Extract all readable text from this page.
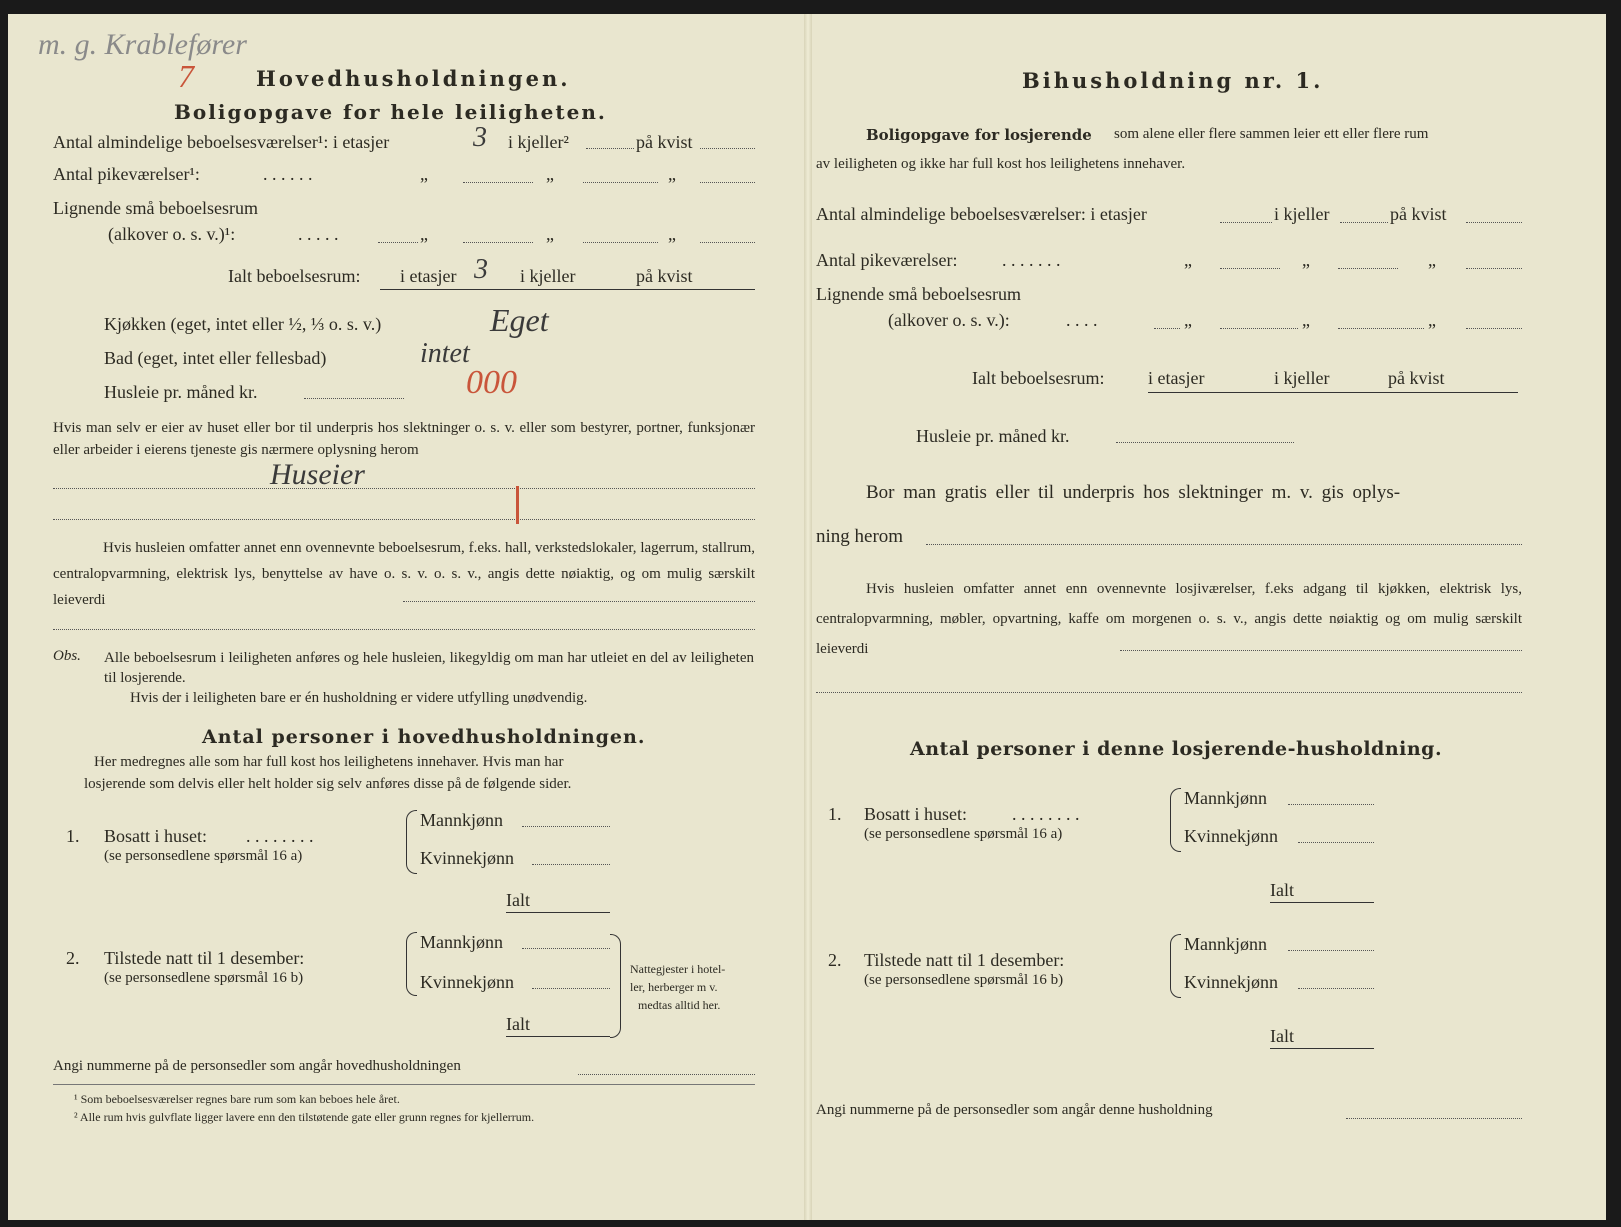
m. g. Krablefører
7	Hovedhusholdningen.
Boligopgave for hele leiligheten.
Antal almindelige beboelsesværelser¹: i etasjer	3 i kjeller²	på kvist
Antal pikeværelser¹:	. . . . . .	„	„	„
Lignende små beboelsesrum
(alkover o. s. v.)¹:	. . . . .	„	„	„
Ialt beboelsesrum: i etasjer 3 i kjeller	på kvist
Kjøkken (eget, intet eller ½, ⅓ o. s. v.)	Eget
Bad (eget, intet eller fellesbad)	intet
Husleie pr. måned kr.	000
Hvis man selv er eier av huset eller bor til underpris hos slektninger o. s. v. eller som bestyrer, portner, funksjonær eller arbeider i eierens tjeneste gis nærmere oplysning herom
Huseier
Hvis husleien omfatter annet enn ovennevnte beboelsesrum, f.eks. hall, verkstedslokaler, lagerrum, stallrum, centralopvarmning, elektrisk lys, benyttelse av have o. s. v. o. s. v., angis dette nøiaktig, og om mulig særskilt leieverdi
Obs. Alle beboelsesrum i leiligheten anføres og hele husleien, likegyldig om man har utleiet en del av leiligheten til losjerende.
Hvis der i leiligheten bare er én husholdning er videre utfylling unødvendig.
Antal personer i hovedhusholdningen.
Her medregnes alle som har full kost hos leilighetens innehaver. Hvis man har
losjerende som delvis eller helt holder sig selv anføres disse på de følgende sider.
1. Bosatt i huset: . . . . . . . .
(se personsedlene spørsmål 16 a)
Mannkjønn
Kvinnekjønn
Ialt
2. Tilstede natt til 1 desember:
(se personsedlene spørsmål 16 b)
Mannkjønn
Kvinnekjønn
Ialt
Nattegjester i hotel-
ler, herberger m v.
medtas alltid her.
Angi nummerne på de personsedler som angår hovedhusholdningen
¹ Som beboelsesværelser regnes bare rum som kan beboes hele året.
² Alle rum hvis gulvflate ligger lavere enn den tilstøtende gate eller grunn regnes for kjellerrum.
Bihusholdning nr. 1.
Boligopgave for losjerende som alene eller flere sammen leier ett eller flere rum
av leiligheten og ikke har full kost hos leilighetens innehaver.
Antal almindelige beboelsesværelser: i etasjer	i kjeller	på kvist
Antal pikeværelser: . . . . . . .	„	„	„
Lignende små beboelsesrum
(alkover o. s. v.):	. . . .	„	„	„
Ialt beboelsesrum: i etasjer	i kjeller	på kvist
Husleie pr. måned kr.
Bor man gratis eller til underpris hos slektninger m. v. gis oplys-
ning herom
Hvis husleien omfatter annet enn ovennevnte losjiværelser, f.eks adgang til kjøkken, elektrisk lys, centralopvarmning, møbler, opvartning, kaffe om morgenen o. s. v., angis dette nøiaktig og om mulig særskilt leieverdi
Antal personer i denne losjerende-husholdning.
1. Bosatt i huset:	. . . . . . . .
(se personsedlene spørsmål 16 a)
Mannkjønn
Kvinnekjønn
Ialt
2. Tilstede natt til 1 desember:
(se personsedlene spørsmål 16 b)
Mannkjønn
Kvinnekjønn
Ialt
Angi nummerne på de personsedler som angår denne husholdning
